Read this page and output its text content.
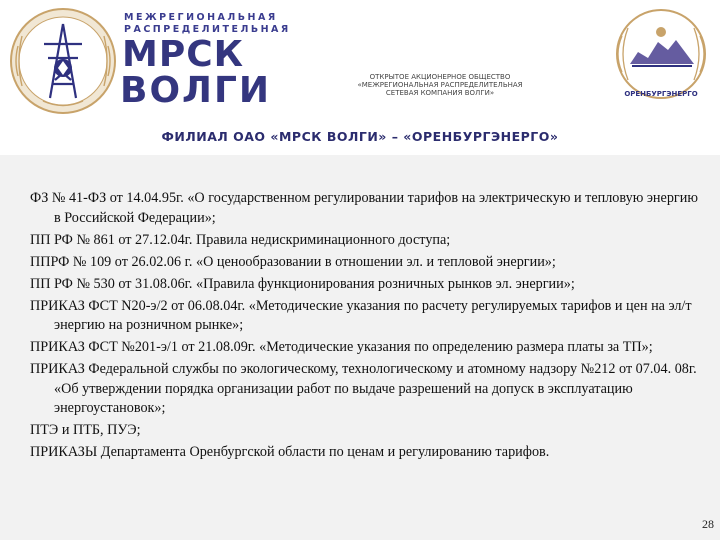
МЕЖРЕГИОНАЛЬНАЯ
РАСПРЕДЕЛИТЕЛЬНАЯ
МРСК
ВОЛГИ	ОТКРЫТОЕ АКЦИОНЕРНОЕ ОБЩЕСТВО
«МЕЖРЕГИОНАЛЬНАЯ РАСПРЕДЕЛИТЕЛЬНАЯ
СЕТЕВАЯ КОМПАНИЯ ВОЛГИ»	ОРЕНБУРГЭНЕРГО
ФИЛИАЛ ОАО «МРСК ВОЛГИ» – «ОРЕНБУРГЭНЕРГО»
ФЗ № 41-ФЗ от 14.04.95г. «О государственном регулировании тарифов на электрическую и тепловую энергию в Российской Федерации»;
ПП РФ № 861 от 27.12.04г. Правила недискриминационного доступа;
ППРФ № 109 от 26.02.06 г. «О ценообразовании в отношении эл. и тепловой энергии»;
ПП РФ № 530 от 31.08.06г. «Правила функционирования розничных рынков эл. энергии»;
ПРИКАЗ ФСТ N20-э/2 от 06.08.04г. «Методические указания по расчету регулируемых тарифов и цен на эл/т энергию на розничном рынке»;
ПРИКАЗ ФСТ №201-э/1 от 21.08.09г. «Методические указания по определению размера платы за ТП»;
ПРИКАЗ Федеральной службы по экологическому, технологическому и атомному надзору №212 от 07.04. 08г. «Об утверждении порядка организации работ по выдаче разрешений на допуск в эксплуатацию энергоустановок»;
ПТЭ и ПТБ, ПУЭ;
ПРИКАЗЫ Департамента Оренбургской области по ценам и регулированию тарифов.
28
